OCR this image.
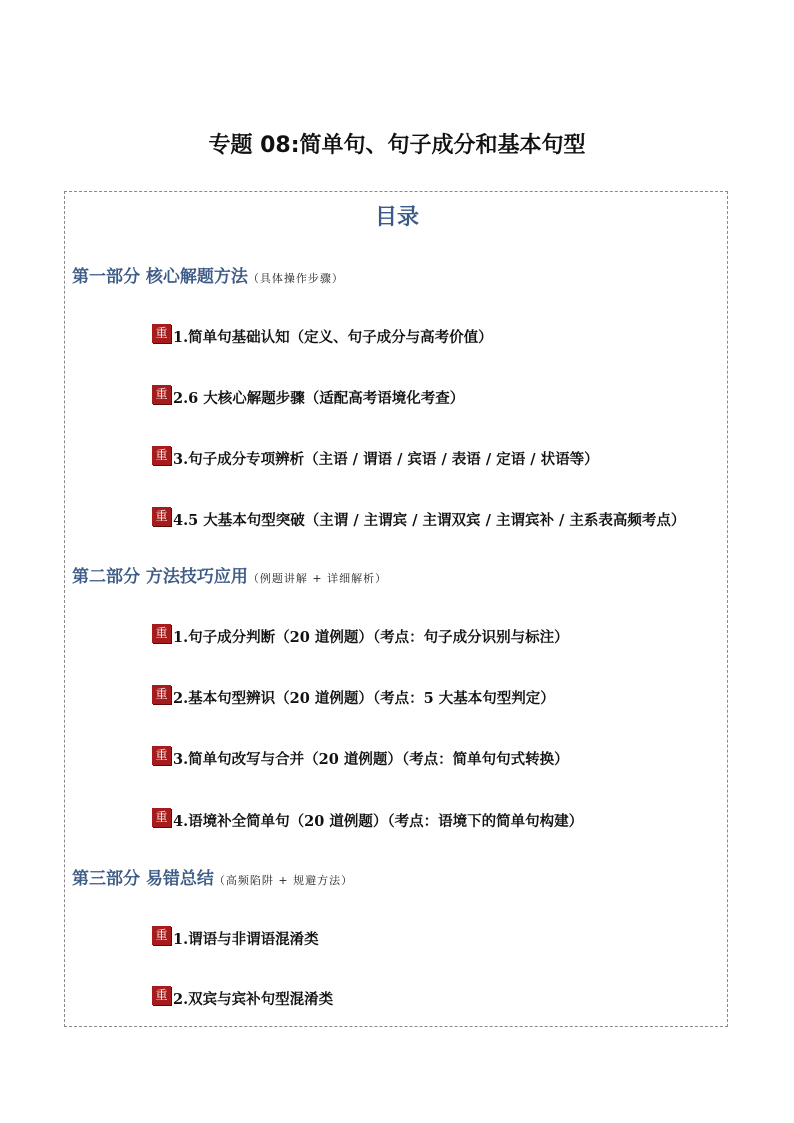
专题 08:简单句、句子成分和基本句型
目录
第一部分 核心解题方法（具体操作步骤）
重 1.简单句基础认知（定义、句子成分与高考价值）
重 2.6 大核心解题步骤（适配高考语境化考查）
重 3.句子成分专项辨析（主语 / 谓语 / 宾语 / 表语 / 定语 / 状语等）
重 4.5 大基本句型突破（主谓 / 主谓宾 / 主谓双宾 / 主谓宾补 / 主系表高频考点）
第二部分 方法技巧应用（例题讲解 + 详细解析）
重 1.句子成分判断（20 道例题）（考点：句子成分识别与标注）
重 2.基本句型辨识（20 道例题）（考点：5 大基本句型判定）
重 3.简单句改写与合并（20 道例题）（考点：简单句句式转换）
重 4.语境补全简单句（20 道例题）（考点：语境下的简单句构建）
第三部分 易错总结（高频陷阱 + 规避方法）
重 1.谓语与非谓语混淆类
重 2.双宾与宾补句型混淆类
